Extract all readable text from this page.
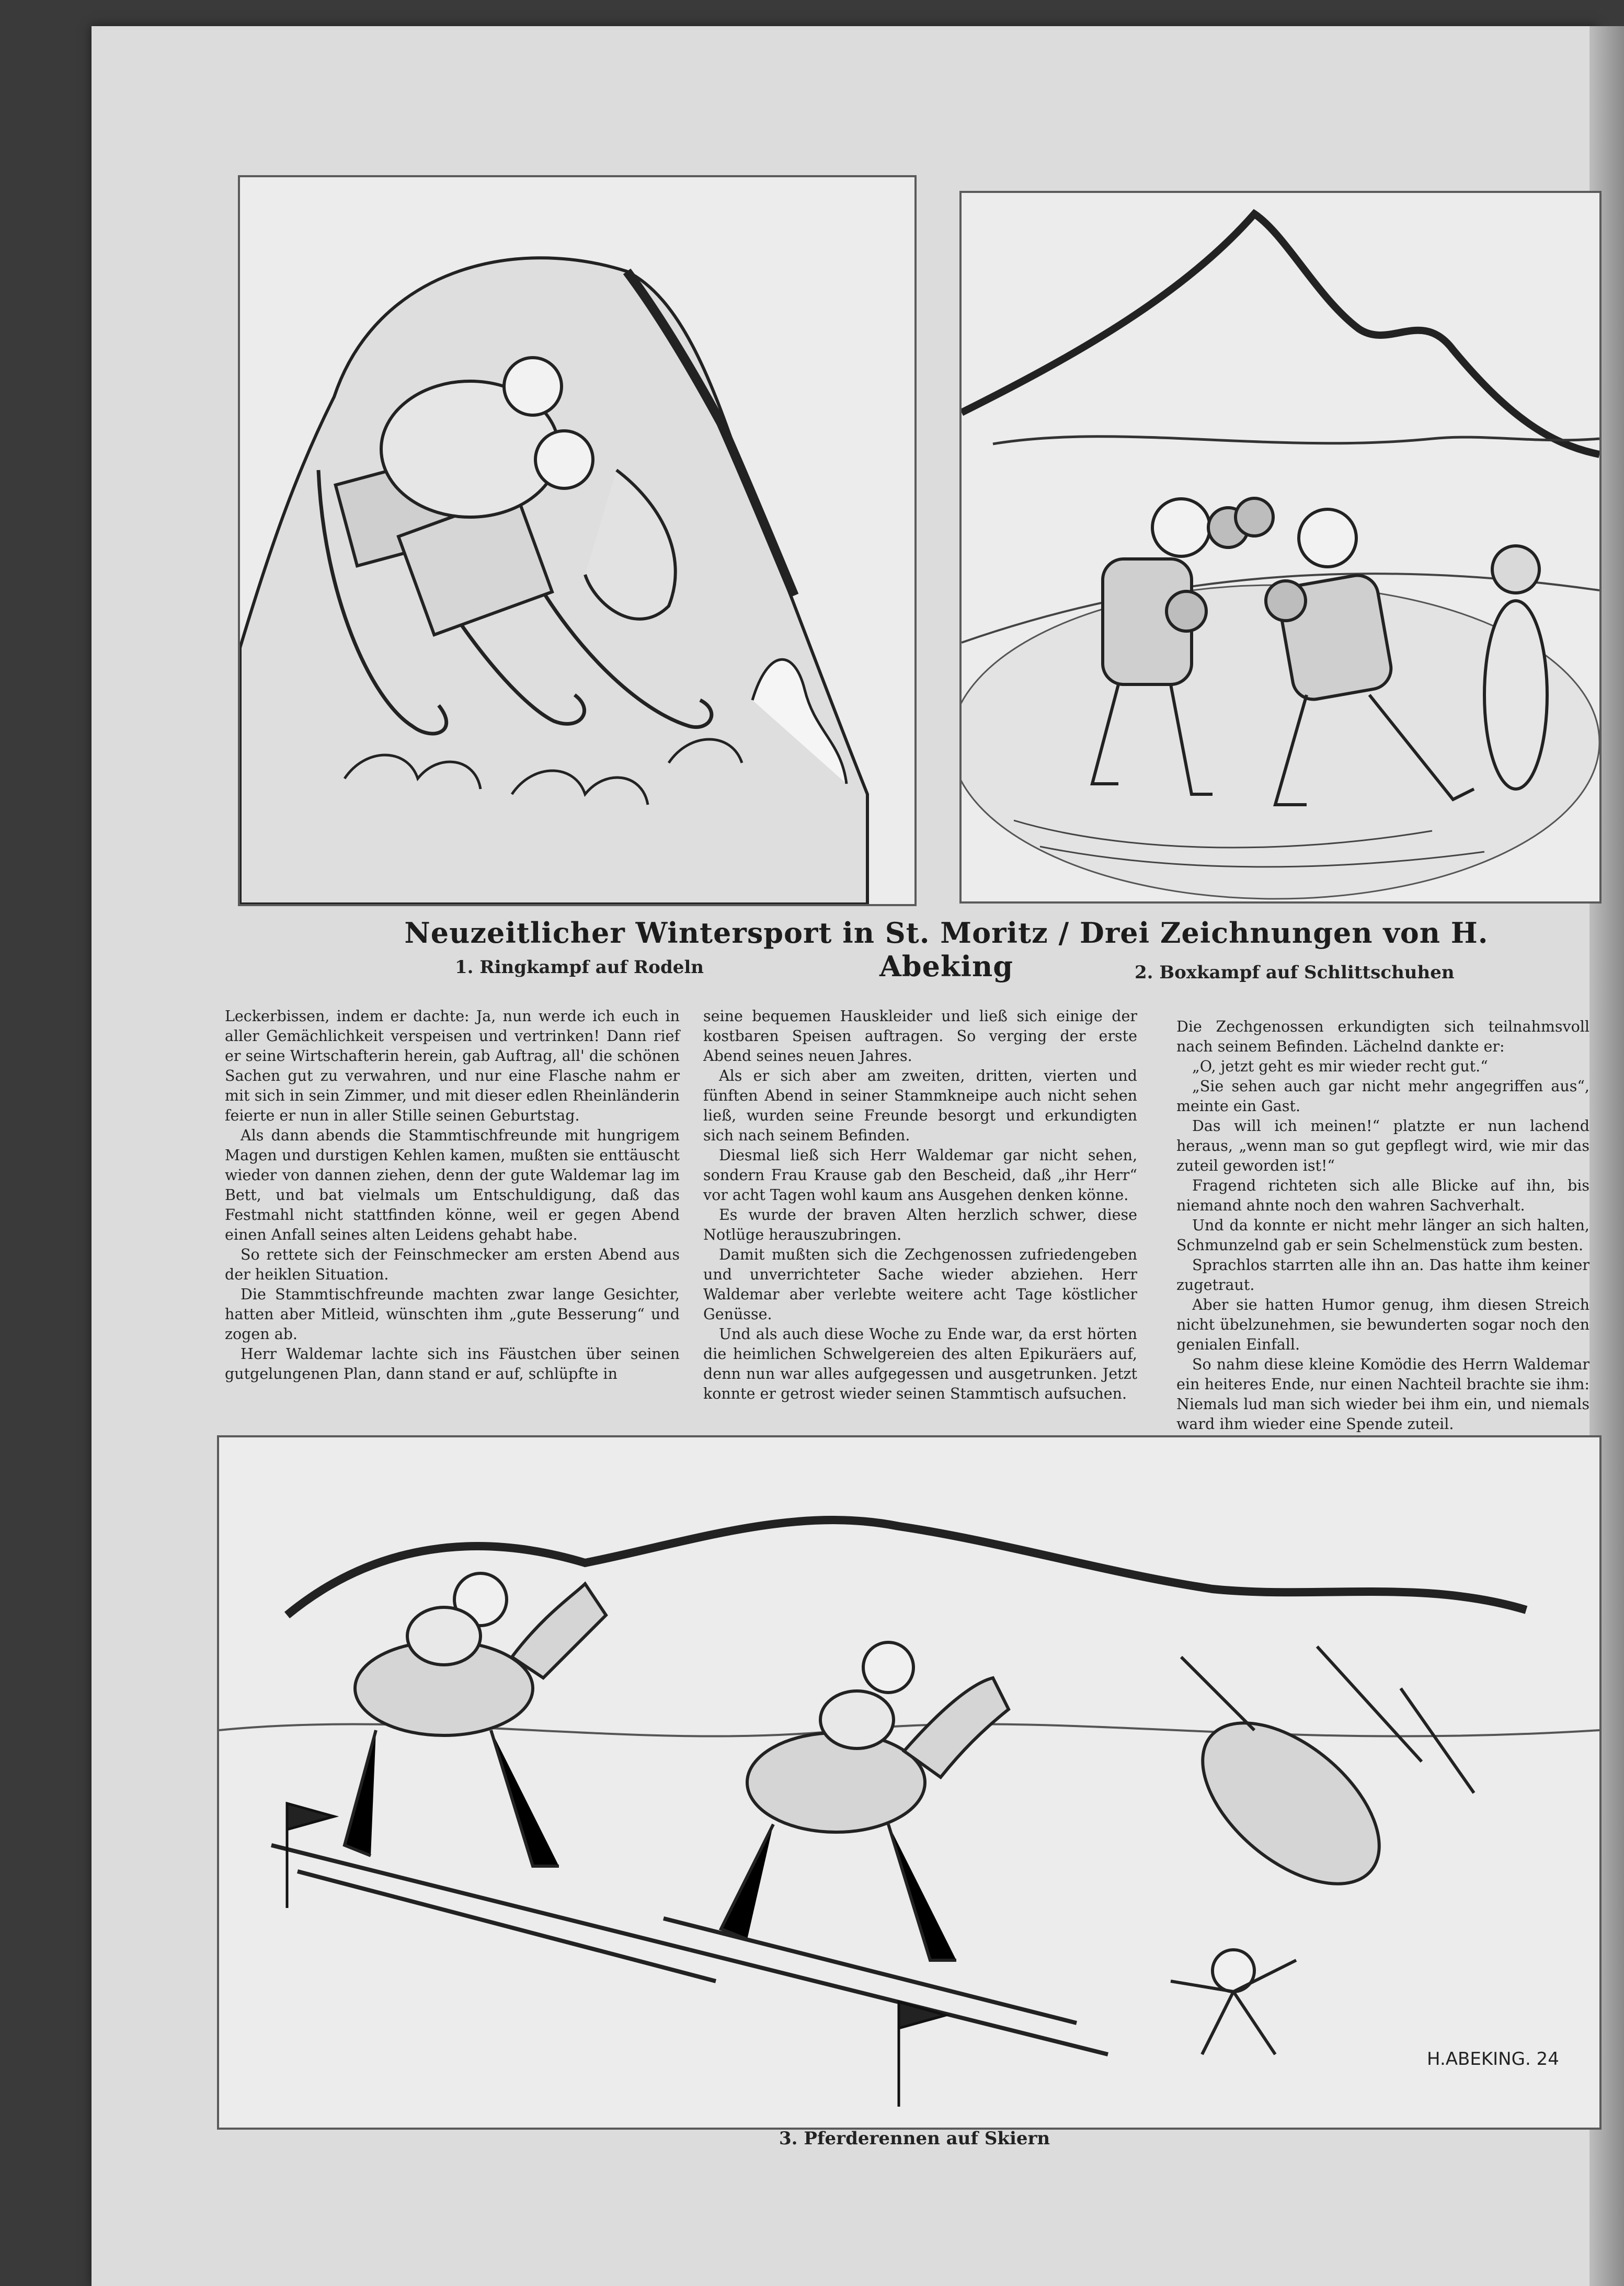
Neuzeitlicher Wintersport in St. Moritz / Drei Zeichnungen von H. Abeking
1. Ringkampf auf Rodeln	2. Boxkampf auf Schlittschuhen

Leckerbissen, indem er dachte: Ja, nun werde ich euch in aller Gemächlichkeit verspeisen und vertrinken! Dann rief er seine Wirtschafterin herein, gab Auftrag, all' die schönen Sachen gut zu verwahren, und nur eine Flasche nahm er mit sich in sein Zimmer, und mit dieser edlen Rheinländerin feierte er nun in aller Stille seinen Geburtstag.

Als dann abends die Stammtischfreunde mit hungrigem Magen und durstigen Kehlen kamen, mußten sie enttäuscht wieder von dannen ziehen, denn der gute Waldemar lag im Bett, und bat vielmals um Entschuldigung, daß das Festmahl nicht stattfinden könne, weil er gegen Abend einen Anfall seines alten Leidens gehabt habe.

So rettete sich der Feinschmecker am ersten Abend aus der heiklen Situation.

Die Stammtischfreunde machten zwar lange Gesichter, hatten aber Mitleid, wünschten ihm „gute Besserung“ und zogen ab.

Herr Waldemar lachte sich ins Fäustchen über seinen gutgelungenen Plan, dann stand er auf, schlüpfte in

seine bequemen Hauskleider und ließ sich einige der kostbaren Speisen auftragen. So verging der erste Abend seines neuen Jahres.

Als er sich aber am zweiten, dritten, vierten und fünften Abend in seiner Stammkneipe auch nicht sehen ließ, wurden seine Freunde besorgt und erkundigten sich nach seinem Befinden.

Diesmal ließ sich Herr Waldemar gar nicht sehen, sondern Frau Krause gab den Bescheid, daß „ihr Herr“ vor acht Tagen wohl kaum ans Ausgehen denken könne.

Es wurde der braven Alten herzlich schwer, diese Notlüge herauszubringen.

Damit mußten sich die Zechgenossen zufriedengeben und unverrichteter Sache wieder abziehen. Herr Waldemar aber verlebte weitere acht Tage köstlicher Genüsse.

Und als auch diese Woche zu Ende war, da erst hörten die heimlichen Schwelgereien des alten Epikuräers auf, denn nun war alles aufgegessen und ausgetrunken. Jetzt konnte er getrost wieder seinen Stammtisch aufsuchen.

Die Zechgenossen erkundigten sich teilnahmsvoll nach seinem Befinden. Lächelnd dankte er:

„O, jetzt geht es mir wieder recht gut.“

„Sie sehen auch gar nicht mehr angegriffen aus“, meinte ein Gast.

Das will ich meinen!“ platzte er nun lachend heraus, „wenn man so gut gepflegt wird, wie mir das zuteil geworden ist!“

Fragend richteten sich alle Blicke auf ihn, bis niemand ahnte noch den wahren Sachverhalt.

Und da konnte er nicht mehr länger an sich halten, Schmunzelnd gab er sein Schelmenstück zum besten.

Sprachlos starrten alle ihn an. Das hatte ihm keiner zugetraut.

Aber sie hatten Humor genug, ihm diesen Streich nicht übelzunehmen, sie bewunderten sogar noch den genialen Einfall.

So nahm diese kleine Komödie des Herrn Waldemar ein heiteres Ende, nur einen Nachteil brachte sie ihm: Niemals lud man sich wieder bei ihm ein, und niemals ward ihm wieder eine Spende zuteil.

H.ABEKING. 24
3. Pferderennen auf Skiern
